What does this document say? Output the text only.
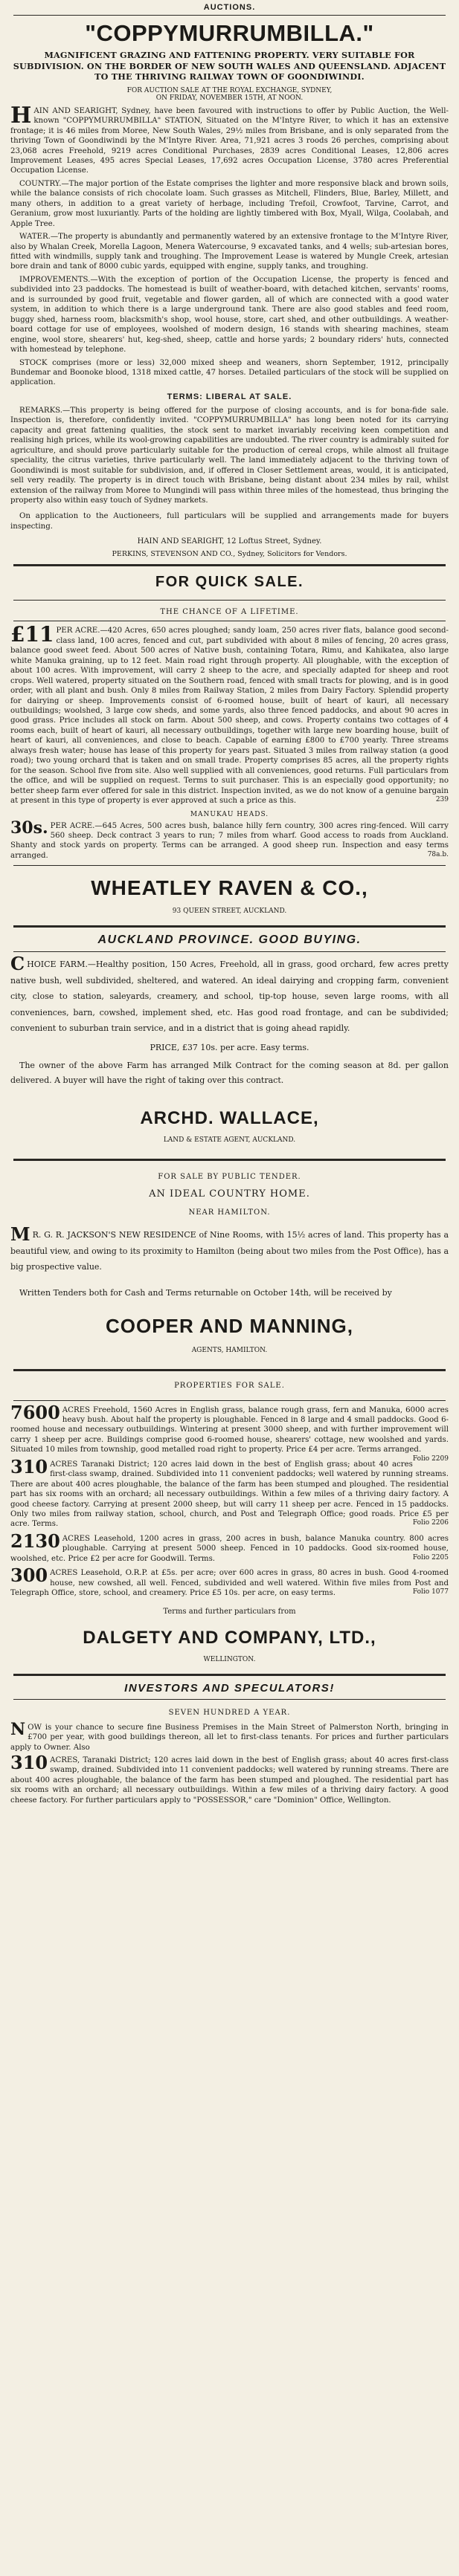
AUCTIONS.
"COPPYMURRUMBILLA."
MAGNIFICENT GRAZING AND FATTENING PROPERTY. VERY SUITABLE FOR SUBDIVISION. ON THE BORDER OF NEW SOUTH WALES AND QUEENSLAND. ADJACENT TO THE THRIVING RAILWAY TOWN OF GOONDIWINDI.
FOR AUCTION SALE AT THE ROYAL EXCHANGE, SYDNEY,
ON FRIDAY, NOVEMBER 15TH, AT NOON.
HAIN AND SEARIGHT, Sydney, have been favoured with instructions to offer by Public Auction, the Well-known "COPPYMURRUMBILLA" STATION, Situated on the M'Intyre River, to which it has an extensive frontage; it is 46 miles from Moree, New South Wales, 29½ miles from Brisbane, and is only separated from the thriving Town of Goondiwindi by the M'Intyre River. Area, 71,921 acres 3 roods 26 perches, comprising about 23,068 acres Freehold, 9219 acres Conditional Purchases, 2839 acres Conditional Leases, 12,806 acres Improvement Leases, 495 acres Special Leases, 17,692 acres Occupation License, 3780 acres Preferential Occupation License.

COUNTRY.—The major portion of the Estate comprises the lighter and more responsive black and brown soils, while the balance consists of rich chocolate loam. Such grasses as Mitchell, Flinders, Blue, Barley, Millett, and many others, in addition to a great variety of herbage, including Trefoil, Crowfoot, Tarvine, Carrot, and Geranium, grow most luxuriantly. Parts of the holding are lightly timbered with Box, Myall, Wilga, Coolabah, and Apple Tree.

WATER.—The property is abundantly and permanently watered by an extensive frontage to the M'Intyre River, also by Whalan Creek, Morella Lagoon, Menera Watercourse, 9 excavated tanks, and 4 wells; sub-artesian bores, fitted with windmills, supply tank and troughing. The Improvement Lease is watered by Mungle Creek, artesian bore drain and tank of 8000 cubic yards, equipped with engine, supply tanks, and troughing.

IMPROVEMENTS.—With the exception of portion of the Occupation License, the property is fenced and subdivided into 23 paddocks. The homestead is built of weather-board, with detached kitchen, servants' rooms, and is surrounded by good fruit, vegetable and flower garden, all of which are connected with a good water system, in addition to which there is a large underground tank. There are also good stables and feed room, buggy shed, harness room, blacksmith's shop, wool house, store, cart shed, and other outbuildings. A weather-board cottage for use of employees, woolshed of modern design, 16 stands with shearing machines, steam engine, wool store, shearers' hut, keg-shed, sheep, cattle and horse yards; 2 boundary riders' huts, connected with homestead by telephone.

STOCK comprises (more or less) 32,000 mixed sheep and weaners, shorn September, 1912, principally Bundemar and Boonoke blood, 1318 mixed cattle, 47 horses. Detailed particulars of the stock will be supplied on application.

TERMS: LIBERAL AT SALE.

REMARKS.—This property is being offered for the purpose of closing accounts, and is for bona-fide sale. Inspection is, therefore, confidently invited. "COPPYMURRUMBILLA" has long been noted for its carrying capacity and great fattening qualities, the stock sent to market invariably receiving keen competition and realising high prices, while its wool-growing capabilities are undoubted. The river country is admirably suited for agriculture, and should prove particularly suitable for the production of cereal crops, while almost all fruitage speciality, the citrus varieties, thrive particularly well. The land immediately adjacent to the thriving town of Goondiwindi is most suitable for subdivision, and, if offered in Closer Settlement areas, would, it is anticipated, sell very readily. The property is in direct touch with Brisbane, being distant about 234 miles by rail, whilst extension of the railway from Moree to Mungindi will pass within three miles of the homestead, thus bringing the property also within easy touch of Sydney markets.

On application to the Auctioneers, full particulars will be supplied and arrangements made for buyers inspecting.

HAIN AND SEARIGHT, 12 Loftus Street, Sydney.
PERKINS, STEVENSON AND CO., Sydney, Solicitors for Vendors.
FOR QUICK SALE.
THE CHANCE OF A LIFETIME.
£11 PER ACRE.—420 Acres, 650 acres ploughed; sandy loam, 250 acres river flats, balance good second-class land, 100 acres, fenced and cut, part subdivided with about 8 miles of fencing, 20 acres grass, balance good sweet feed. About 500 acres of Native bush, containing Totara, Rimu, and Kahikatea, also large white Manuka graining, up to 12 feet. Main road right through property. All ploughable, with the exception of about 100 acres. With improvement, will carry 2 sheep to the acre, and specially adapted for sheep and root crops. Well watered, property situated on the Southern road, fenced with small tracts for plowing, and is in good order, with all plant and bush. Only 8 miles from Railway Station, 2 miles from Dairy Factory. Splendid property for dairying or sheep. Improvements consist of 6-roomed house, built of heart of kauri, all necessary outbuildings; woolshed, 3 large cow sheds, and some yards, also three fenced paddocks, and about 90 acres in good grass. Price includes all stock on farm. About 500 sheep, and cows. Property contains two cottages of 4 rooms each, built of heart of kauri, all necessary outbuildings, together with large new boarding house, built of heart of kauri, all conveniences, and close to beach. Capable of earning £800 to £700 yearly. Three streams always fresh water; house has lease of this property for years past. Situated 3 miles from railway station (a good road); two young orchard that is taken and on small trade. Property comprises 85 acres, all the property rights for the season. School five from site. Also well supplied with all conveniences, good returns. Full particulars from the office, and will be supplied on request. Terms to suit purchaser. This is an especially good opportunity; no better sheep farm ever offered for sale in this district. Inspection invited, as we do not know of a genuine bargain at present in this type of property is ever approved at such a price as this.	239
MANUKAU HEADS.
30s. PER ACRE.—645 Acres, 500 acres bush, balance hilly fern country, 300 acres ring-fenced. Will carry 560 sheep. Deck contract 3 years to run; 7 miles from wharf. Good access to roads from Auckland. Shanty and stock yards on property. Terms can be arranged. A good sheep run. Inspection and easy terms arranged.	78a.b.
WHEATLEY RAVEN & CO.,
93 QUEEN STREET, AUCKLAND.
AUCKLAND PROVINCE. GOOD BUYING.
CHOICE FARM.—Healthy position, 150 Acres, Freehold, all in grass, good orchard, few acres pretty native bush, well subdivided, sheltered, and watered. An ideal dairying and cropping farm, convenient city, close to station, saleyards, creamery, and school, tip-top house, seven large rooms, with all conveniences, barn, cowshed, implement shed, etc. Has good road frontage, and can be subdivided; convenient to suburban train service, and in a district that is going ahead rapidly.
PRICE, £37 10s. per acre. Easy terms.

The owner of the above Farm has arranged Milk Contract for the coming season at 8d. per gallon delivered. A buyer will have the right of taking over this contract.

ARCHD. WALLACE,
LAND & ESTATE AGENT, AUCKLAND.
FOR SALE BY PUBLIC TENDER.
AN IDEAL COUNTRY HOME.
NEAR HAMILTON.
M R. G. R. JACKSON'S NEW RESIDENCE of Nine Rooms, with 15½ acres of land. This property has a beautiful view, and owing to its proximity to Hamilton (being about two miles from the Post Office), has a big prospective value.

Written Tenders both for Cash and Terms returnable on October 14th, will be received by

COOPER AND MANNING,
AGENTS, HAMILTON.
PROPERTIES FOR SALE.
7600 ACRES Freehold, 1560 Acres in English grass, balance rough grass, fern and Manuka, 6000 acres heavy bush. About half the property is ploughable. Fenced in 8 large and 4 small paddocks. Good 6-roomed house and necessary outbuildings. Wintering at present 3000 sheep, and with further improvement will carry 1 sheep per acre. Buildings comprise good 6-roomed house, shearers' cottage, new woolshed and yards. Situated 10 miles from township, good metalled road right to property. Price £4 per acre. Terms arranged.
Folio 2209
310 ACRES Taranaki District; 120 acres laid down in the best of English grass; about 40 acres first-class swamp, drained. Subdivided into 11 convenient paddocks; well watered by running streams. There are about 400 acres ploughable, the balance of the farm has been stumped and ploughed. The residential part has six rooms with an orchard; all necessary outbuildings. Within a few miles of a thriving dairy factory. A good cheese factory. Carrying at present 2000 sheep, but will carry 11 sheep per acre. Fenced in 15 paddocks. Only two miles from railway station, school, church, and Post and Telegraph Office; good roads. Price £5 per acre. Terms.	Folio 2206
2130 ACRES Leasehold, 1200 acres in grass, 200 acres in bush, balance Manuka country. 800 acres ploughable. Carrying at present 5000 sheep. Fenced in 10 paddocks. Good six-roomed house, woolshed, etc. Price £2 per acre for Goodwill. Terms.	Folio 2205
300 ACRES Leasehold, O.R.P. at £5s. per acre; over 600 acres in grass, 80 acres in bush. Good 4-roomed house, new cowshed, all well. Fenced, subdivided and well watered. Within five miles from Post and Telegraph Office, store, school, and creamery. Price £5 10s. per acre, on easy terms.	Folio 1077
Terms and further particulars from
DALGETY AND COMPANY, LTD.,
WELLINGTON.
INVESTORS AND SPECULATORS!
SEVEN HUNDRED A YEAR.
NOW is your chance to secure fine Business Premises in the Main Street of Palmerston North, bringing in £700 per year, with good buildings thereon, all let to first-class tenants. For prices and further particulars apply to Owner. Also
310 ACRES, Taranaki District; 120 acres laid down in the best of English grass; about 40 acres first-class swamp, drained. Subdivided into 11 convenient paddocks; well watered by running streams. There are about 400 acres ploughable, the balance of the farm has been stumped and ploughed. The residential part has six rooms with an orchard; all necessary outbuildings. Within a few miles of a thriving dairy factory. A good cheese factory. For further particulars apply to "POSSESSOR," care "Dominion" Office, Wellington.
